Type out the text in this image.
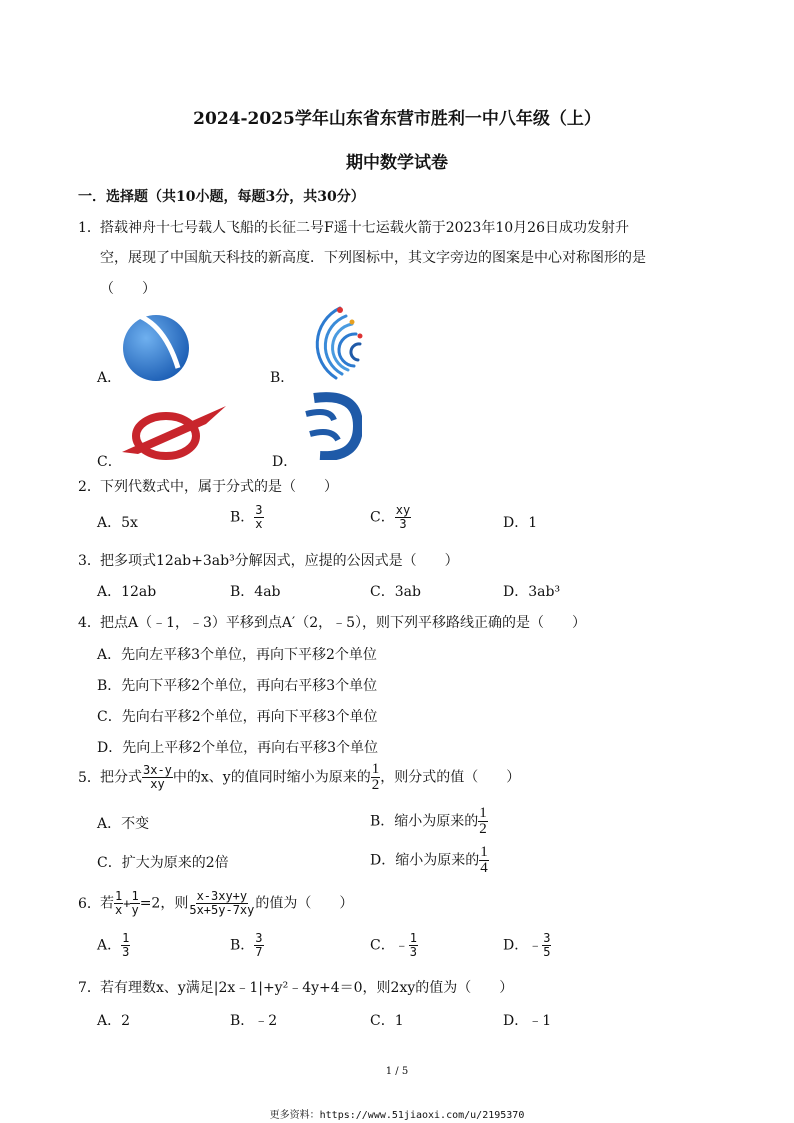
2024-2025学年山东省东营市胜利一中八年级（上）
期中数学试卷
一．选择题（共10小题，每题3分，共30分）
1．搭载神舟十七号载人飞船的长征二号F遥十七运载火箭于2023年10月26日成功发射升
空，展现了中国航天科技的新高度．下列图标中，其文字旁边的图案是中心对称图形的是
（　　）
A．	B．
C．	D．
2．下列代数式中，属于分式的是（　　）
A．5x	B． $\frac{3}{x}$	C． $\frac{xy}{3}$	D．1
3．把多项式12ab+3ab³分解因式，应提的公因式是（　　）
A．12ab	B．4ab	C．3ab	D．3ab³
4．把点A（﹣1，﹣3）平移到点A′（2，﹣5），则下列平移路线正确的是（　　）
A．先向左平移3个单位，再向下平移2个单位
B．先向下平移2个单位，再向右平移3个单位
C．先向右平移2个单位，再向下平移3个单位
D．先向上平移2个单位，再向右平移3个单位
5．把分式 $\frac{3x-y}{xy}$ 中的x、y的值同时缩小为原来的 $\frac{1}{2}$ ，则分式的值（　　）
A．不变	B．缩小为原来的 $\frac{1}{2}$
C．扩大为原来的2倍	D．缩小为原来的 $\frac{1}{4}$
6．若 $\frac{1}{x} + \frac{1}{y} =2$，则 $\frac{x-3xy+y}{5x+5y-7xy}$ 的值为（　　）
A． $\frac{1}{3}$	B． $\frac{3}{7}$	C．﹣ $\frac{1}{3}$	D．﹣ $\frac{3}{5}$
7．若有理数x、y满足|2x﹣1|+y²﹣4y+4＝0，则2xy的值为（　　）
A．2	B．﹣2	C．1	D．﹣1
1 / 5
更多资料：https://www.51jiaoxi.com/u/2195370
